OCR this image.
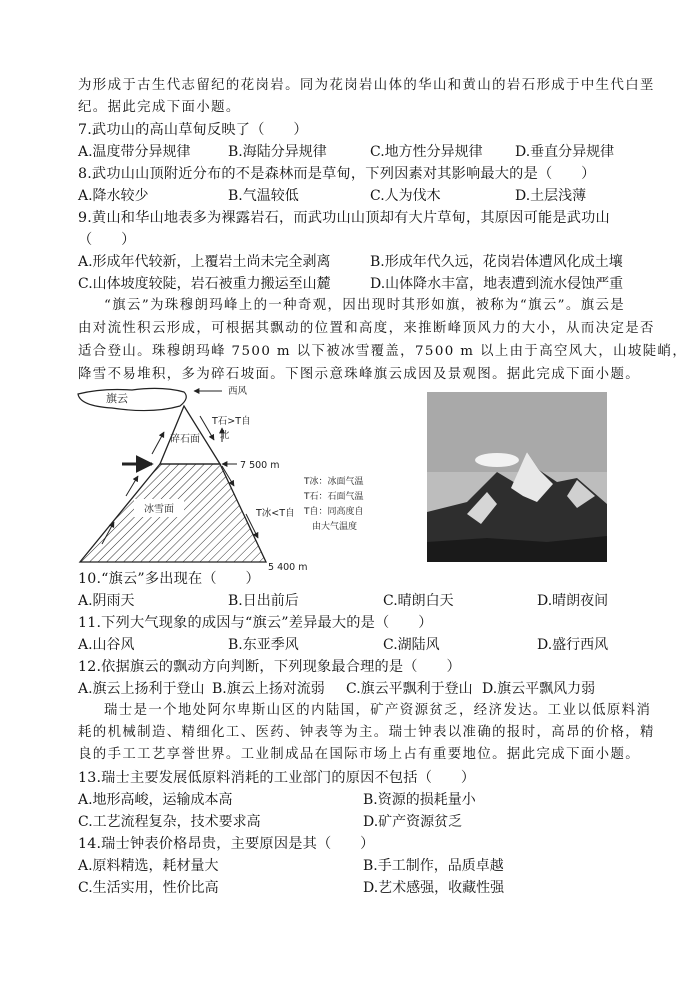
为形成于古生代志留纪的花岗岩。同为花岗岩山体的华山和黄山的岩石形成于中生代白垩

纪。据此完成下面小题。

7.武功山的高山草甸反映了（　　）

A.温度带分异规律	B.海陆分异规律	C.地方性分异规律 D.垂直分异规律

8.武功山山顶附近分布的不是森林而是草甸，下列因素对其影响最大的是（　　）

A.降水较少	B.气温较低	C.人为伐木	D.土层浅薄

9.黄山和华山地表多为裸露岩石，而武功山山顶却有大片草甸，其原因可能是武功山

（　　）

A.形成年代较新，上覆岩土尚未完全剥离	B.形成年代久远，花岗岩体遭风化成土壤
C.山体坡度较陡，岩石被重力搬运至山麓	D.山体降水丰富，地表遭到流水侵蚀严重

“旗云”为珠穆朗玛峰上的一种奇观，因出现时其形如旗，被称为“旗云”。旗云是

由对流性积云形成，可根据其飘动的位置和高度，来推断峰顶风力的大小，从而决定是否

适合登山。珠穆朗玛峰 7500 m 以下被冰雪覆盖，7500 m 以上由于高空风大，山坡陡峭，

降雪不易堆积，多为碎石坡面。下图示意珠峰旗云成因及景观图。据此完成下面小题。

旗云
碎石面
冰雪面
西风
T石>T自
北
7 500 m
5 400 m
T冰<T自
T冰：冰面气温
T石：石面气温
T自：同高度自
由大气温度

10.“旗云”多出现在（　　）

A.阴雨天	B.日出前后	C.晴朗白天	D.晴朗夜间

11.下列大气现象的成因与“旗云”差异最大的是（　　）

A.山谷风	B.东亚季风	C.湖陆风	D.盛行西风

12.依据旗云的飘动方向判断，下列现象最合理的是（　　）

A.旗云上扬利于登山 B.旗云上扬对流弱 C.旗云平飘利于登山 D.旗云平飘风力弱

瑞士是一个地处阿尔卑斯山区的内陆国，矿产资源贫乏，经济发达。工业以低原料消

耗的机械制造、精细化工、医药、钟表等为主。瑞士钟表以准确的报时，高昂的价格，精

良的手工工艺享誉世界。工业制成品在国际市场上占有重要地位。据此完成下面小题。

13.瑞士主要发展低原料消耗的工业部门的原因不包括（　　）

A.地形高峻，运输成本高	B.资源的损耗量小
C.工艺流程复杂，技术要求高	D.矿产资源贫乏

14.瑞士钟表价格昂贵，主要原因是其（　　）

A.原料精选，耗材量大	B.手工制作，品质卓越
C.生活实用，性价比高	D.艺术感强，收藏性强
